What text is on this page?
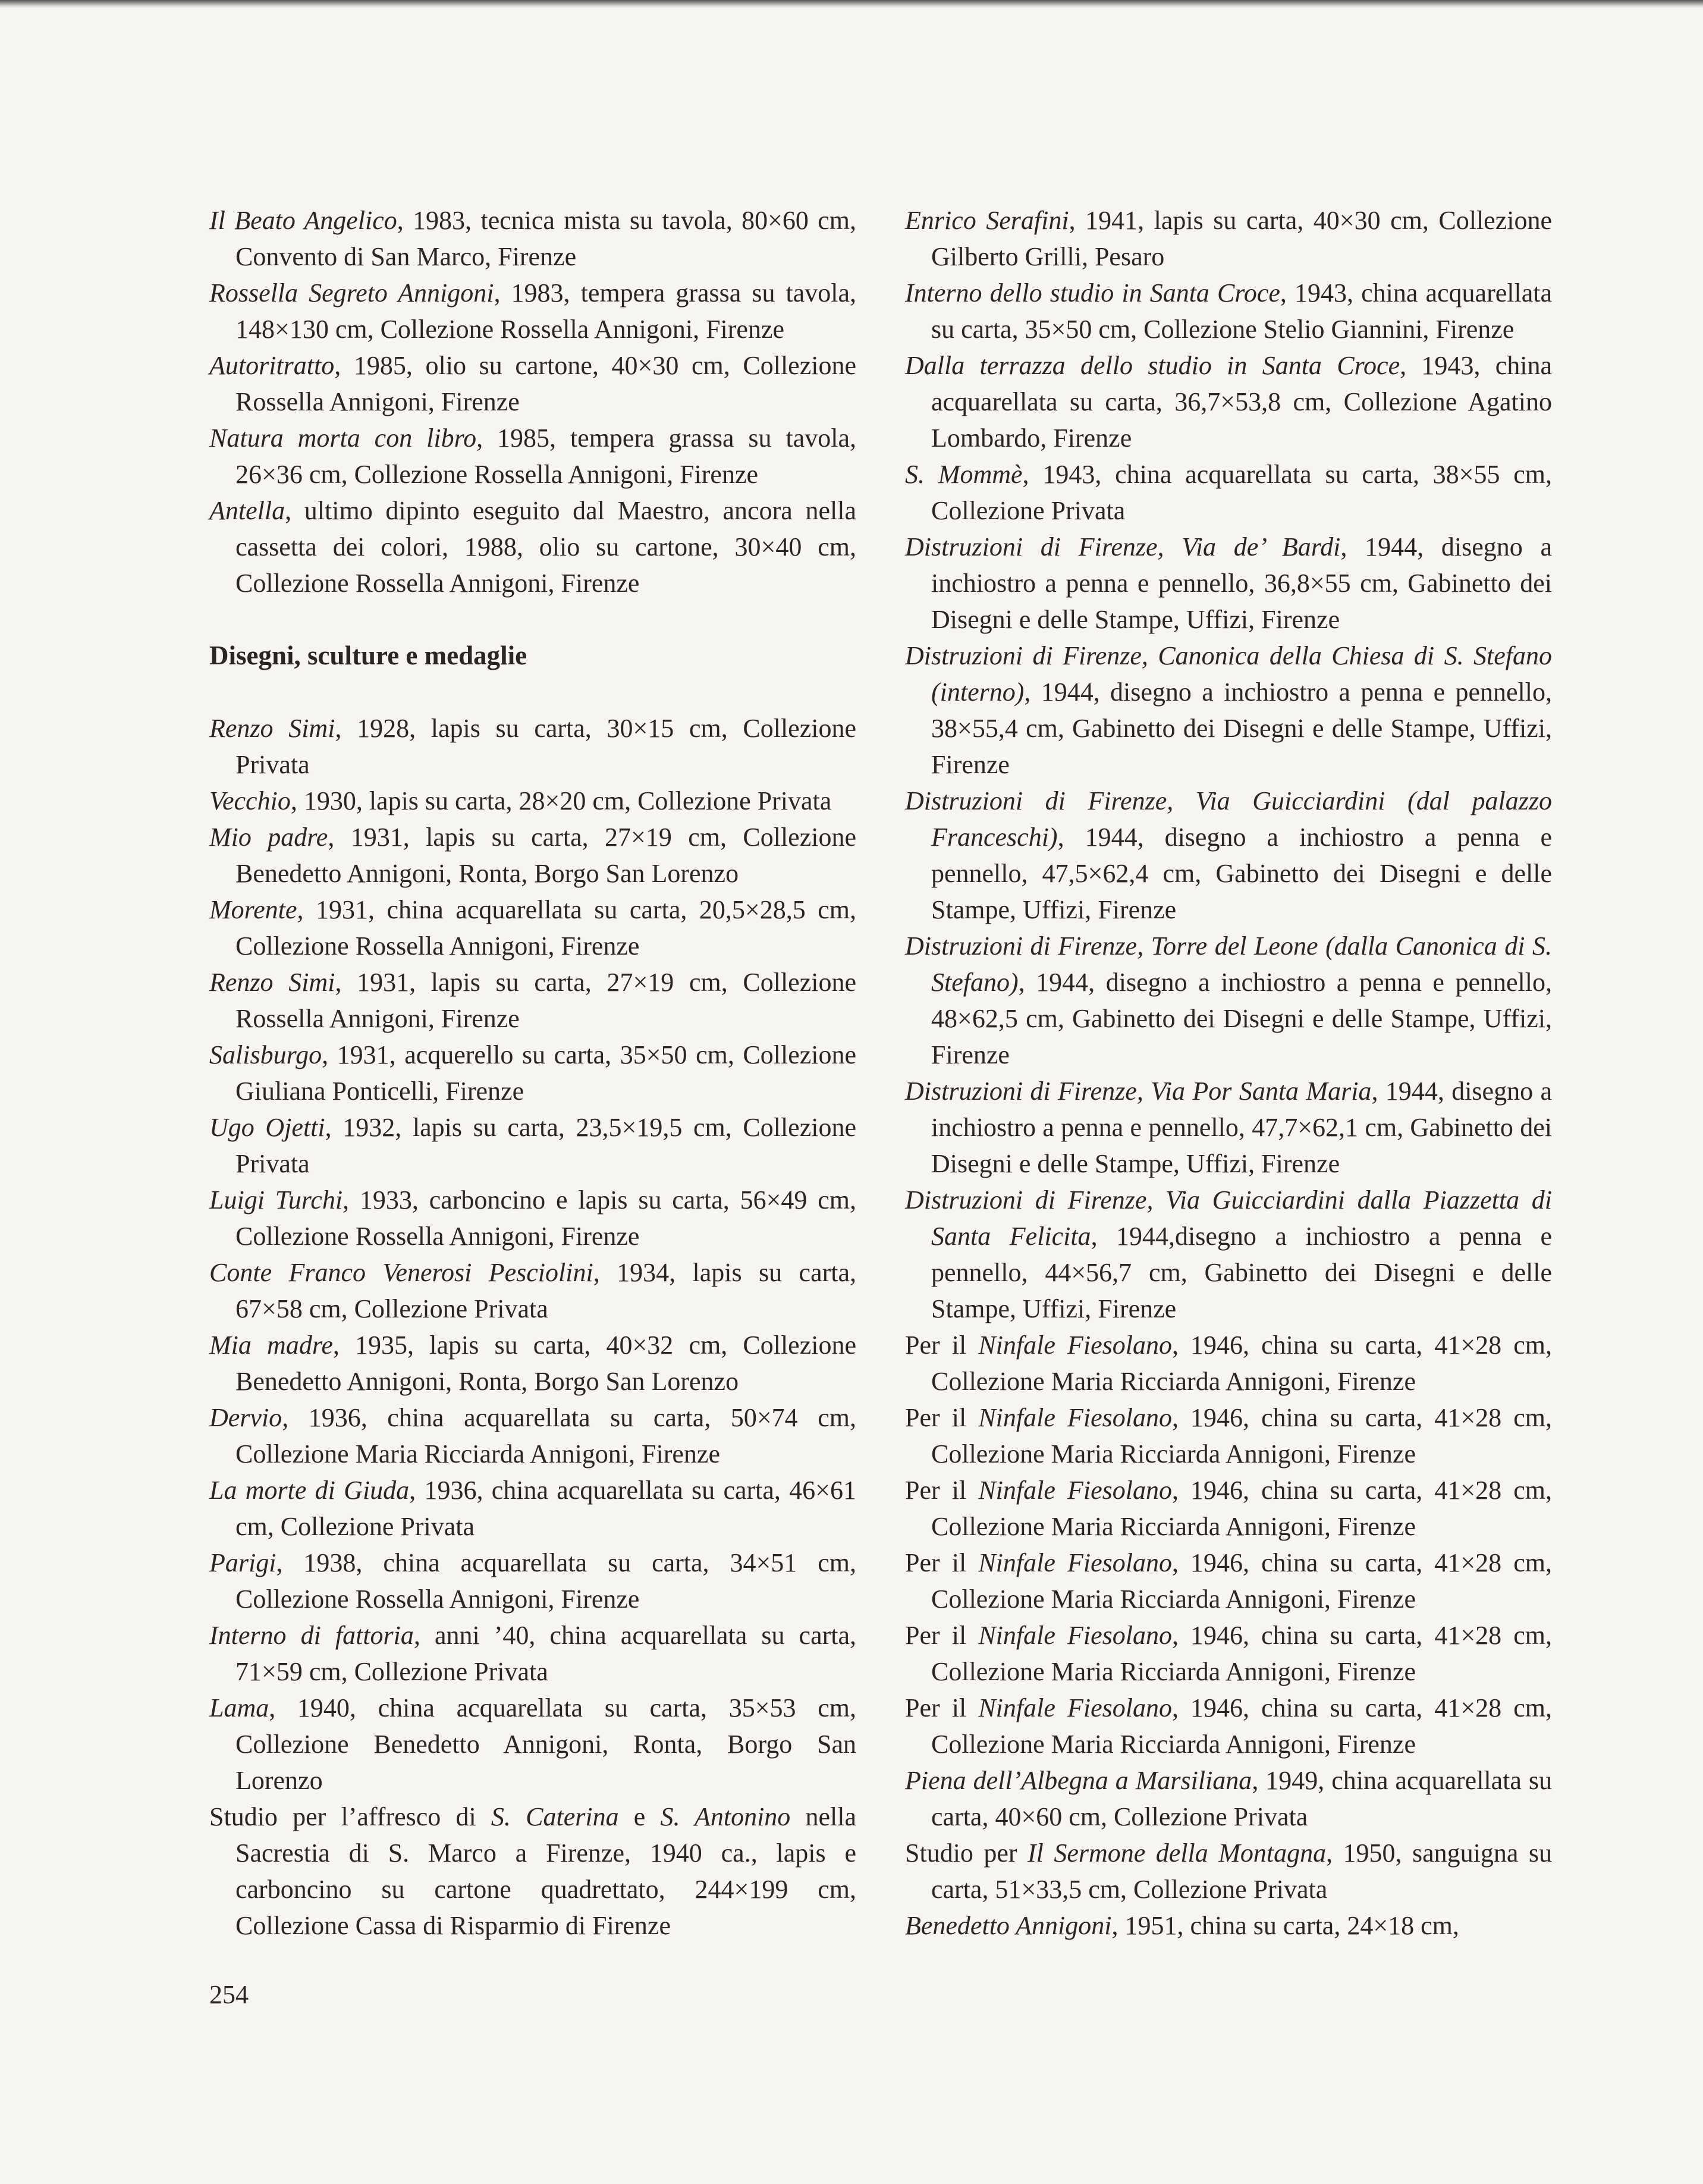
Il Beato Angelico, 1983, tecnica mista su tavola, 80×60 cm, Convento di San Marco, Firenze

Rossella Segreto Annigoni, 1983, tempera grassa su tavola, 148×130 cm, Collezione Rossella Annigoni, Firenze

Autoritratto, 1985, olio su cartone, 40×30 cm, Collezione Rossella Annigoni, Firenze

Natura morta con libro, 1985, tempera grassa su tavola, 26×36 cm, Collezione Rossella Annigoni, Firenze

Antella, ultimo dipinto eseguito dal Maestro, ancora nella cassetta dei colori, 1988, olio su cartone, 30×40 cm, Collezione Rossella Annigoni, Firenze

Disegni, sculture e medaglie

Renzo Simi, 1928, lapis su carta, 30×15 cm, Collezione Privata

Vecchio, 1930, lapis su carta, 28×20 cm, Collezione Privata

Mio padre, 1931, lapis su carta, 27×19 cm, Collezione Benedetto Annigoni, Ronta, Borgo San Lorenzo

Morente, 1931, china acquarellata su carta, 20,5×28,5 cm, Collezione Rossella Annigoni, Firenze

Renzo Simi, 1931, lapis su carta, 27×19 cm, Collezione Rossella Annigoni, Firenze

Salisburgo, 1931, acquerello su carta, 35×50 cm, Collezione Giuliana Ponticelli, Firenze

Ugo Ojetti, 1932, lapis su carta, 23,5×19,5 cm, Collezione Privata

Luigi Turchi, 1933, carboncino e lapis su carta, 56×49 cm, Collezione Rossella Annigoni, Firenze

Conte Franco Venerosi Pesciolini, 1934, lapis su carta, 67×58 cm, Collezione Privata

Mia madre, 1935, lapis su carta, 40×32 cm, Collezione Benedetto Annigoni, Ronta, Borgo San Lorenzo

Dervio, 1936, china acquarellata su carta, 50×74 cm, Collezione Maria Ricciarda Annigoni, Firenze

La morte di Giuda, 1936, china acquarellata su carta, 46×61 cm, Collezione Privata

Parigi, 1938, china acquarellata su carta, 34×51 cm, Collezione Rossella Annigoni, Firenze

Interno di fattoria, anni ’40, china acquarellata su carta, 71×59 cm, Collezione Privata

Lama, 1940, china acquarellata su carta, 35×53 cm, Collezione Benedetto Annigoni, Ronta, Borgo San Lorenzo

Studio per l’affresco di S. Caterina e S. Antonino nella Sacrestia di S. Marco a Firenze, 1940 ca., lapis e carboncino su cartone quadrettato, 244×199 cm, Collezione Cassa di Risparmio di Firenze

Enrico Serafini, 1941, lapis su carta, 40×30 cm, Collezione Gilberto Grilli, Pesaro

Interno dello studio in Santa Croce, 1943, china acquarellata su carta, 35×50 cm, Collezione Stelio Giannini, Firenze

Dalla terrazza dello studio in Santa Croce, 1943, china acquarellata su carta, 36,7×53,8 cm, Collezione Agatino Lombardo, Firenze

S. Mommè, 1943, china acquarellata su carta, 38×55 cm, Collezione Privata

Distruzioni di Firenze, Via de’ Bardi, 1944, disegno a inchiostro a penna e pennello, 36,8×55 cm, Gabinetto dei Disegni e delle Stampe, Uffizi, Firenze

Distruzioni di Firenze, Canonica della Chiesa di S. Stefano (interno), 1944, disegno a inchiostro a penna e pennello, 38×55,4 cm, Gabinetto dei Disegni e delle Stampe, Uffizi, Firenze

Distruzioni di Firenze, Via Guicciardini (dal palazzo Franceschi), 1944, disegno a inchiostro a penna e pennello, 47,5×62,4 cm, Gabinetto dei Disegni e delle Stampe, Uffizi, Firenze

Distruzioni di Firenze, Torre del Leone (dalla Canonica di S. Stefano), 1944, disegno a inchiostro a penna e pennello, 48×62,5 cm, Gabinetto dei Disegni e delle Stampe, Uffizi, Firenze

Distruzioni di Firenze, Via Por Santa Maria, 1944, disegno a inchiostro a penna e pennello, 47,7×62,1 cm, Gabinetto dei Disegni e delle Stampe, Uffizi, Firenze

Distruzioni di Firenze, Via Guicciardini dalla Piazzetta di Santa Felicita, 1944,disegno a inchiostro a penna e pennello, 44×56,7 cm, Gabinetto dei Disegni e delle Stampe, Uffizi, Firenze

Per il Ninfale Fiesolano, 1946, china su carta, 41×28 cm, Collezione Maria Ricciarda Annigoni, Firenze

Per il Ninfale Fiesolano, 1946, china su carta, 41×28 cm, Collezione Maria Ricciarda Annigoni, Firenze

Per il Ninfale Fiesolano, 1946, china su carta, 41×28 cm, Collezione Maria Ricciarda Annigoni, Firenze

Per il Ninfale Fiesolano, 1946, china su carta, 41×28 cm, Collezione Maria Ricciarda Annigoni, Firenze

Per il Ninfale Fiesolano, 1946, china su carta, 41×28 cm, Collezione Maria Ricciarda Annigoni, Firenze

Per il Ninfale Fiesolano, 1946, china su carta, 41×28 cm, Collezione Maria Ricciarda Annigoni, Firenze

Piena dell’Albegna a Marsiliana, 1949, china acquarellata su carta, 40×60 cm, Collezione Privata

Studio per Il Sermone della Montagna, 1950, sanguigna su carta, 51×33,5 cm, Collezione Privata

Benedetto Annigoni, 1951, china su carta, 24×18 cm,

254
